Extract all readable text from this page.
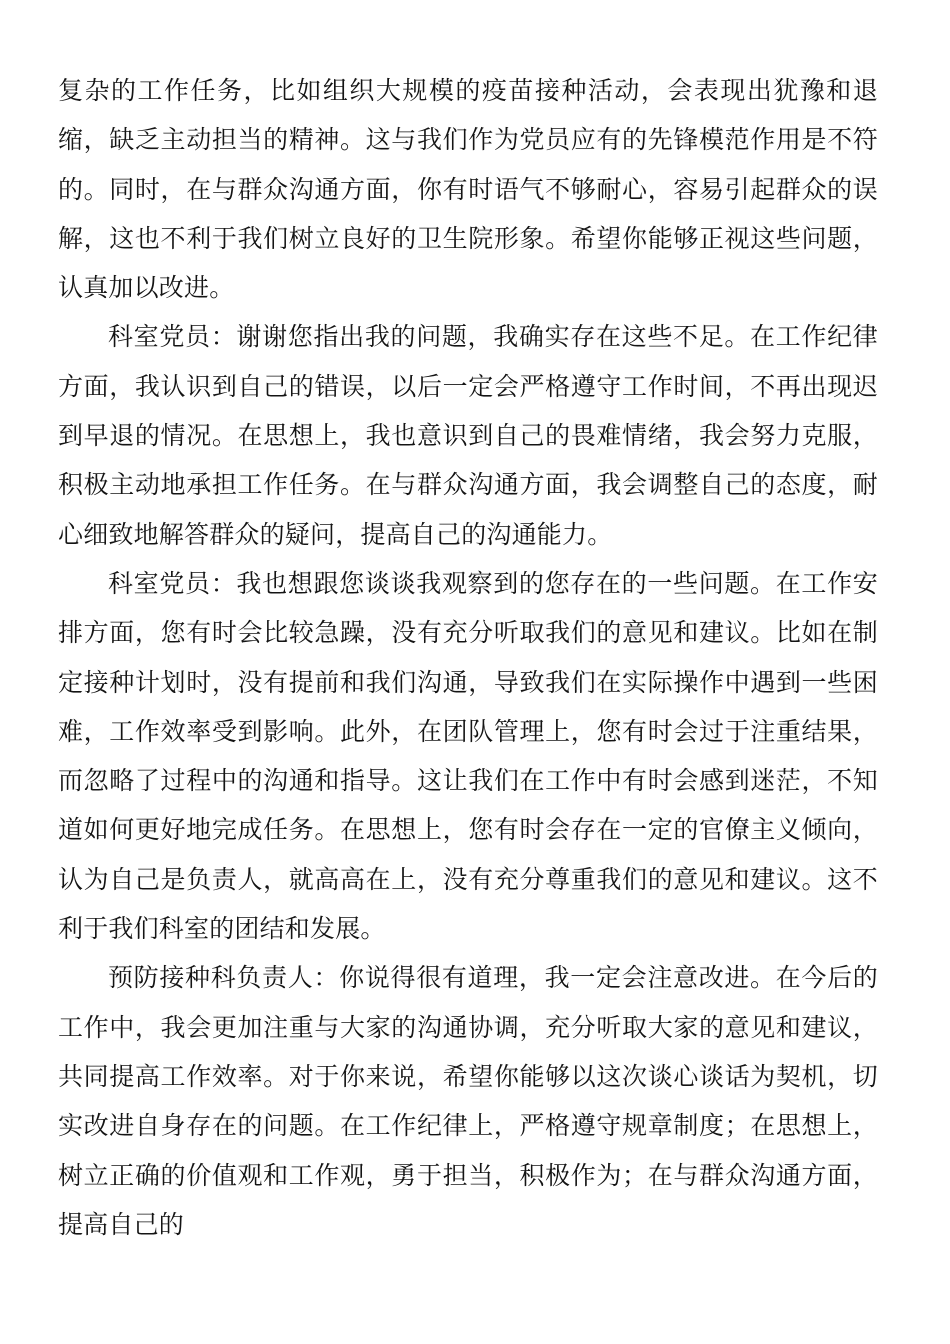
复杂的工作任务，比如组织大规模的疫苗接种活动，会表现出犹豫和退缩，缺乏主动担当的精神。这与我们作为党员应有的先锋模范作用是不符的。同时，在与群众沟通方面，你有时语气不够耐心，容易引起群众的误解，这也不利于我们树立良好的卫生院形象。希望你能够正视这些问题，认真加以改进。

科室党员：谢谢您指出我的问题，我确实存在这些不足。在工作纪律方面，我认识到自己的错误，以后一定会严格遵守工作时间，不再出现迟到早退的情况。在思想上，我也意识到自己的畏难情绪，我会努力克服，积极主动地承担工作任务。在与群众沟通方面，我会调整自己的态度，耐心细致地解答群众的疑问，提高自己的沟通能力。

科室党员：我也想跟您谈谈我观察到的您存在的一些问题。在工作安排方面，您有时会比较急躁，没有充分听取我们的意见和建议。比如在制定接种计划时，没有提前和我们沟通，导致我们在实际操作中遇到一些困难，工作效率受到影响。此外，在团队管理上，您有时会过于注重结果，而忽略了过程中的沟通和指导。这让我们在工作中有时会感到迷茫，不知道如何更好地完成任务。在思想上，您有时会存在一定的官僚主义倾向，认为自己是负责人，就高高在上，没有充分尊重我们的意见和建议。这不利于我们科室的团结和发展。

预防接种科负责人：你说得很有道理，我一定会注意改进。在今后的工作中，我会更加注重与大家的沟通协调，充分听取大家的意见和建议，共同提高工作效率。对于你来说，希望你能够以这次谈心谈话为契机，切实改进自身存在的问题。在工作纪律上，严格遵守规章制度；在思想上，树立正确的价值观和工作观，勇于担当，积极作为；在与群众沟通方面，提高自己的
